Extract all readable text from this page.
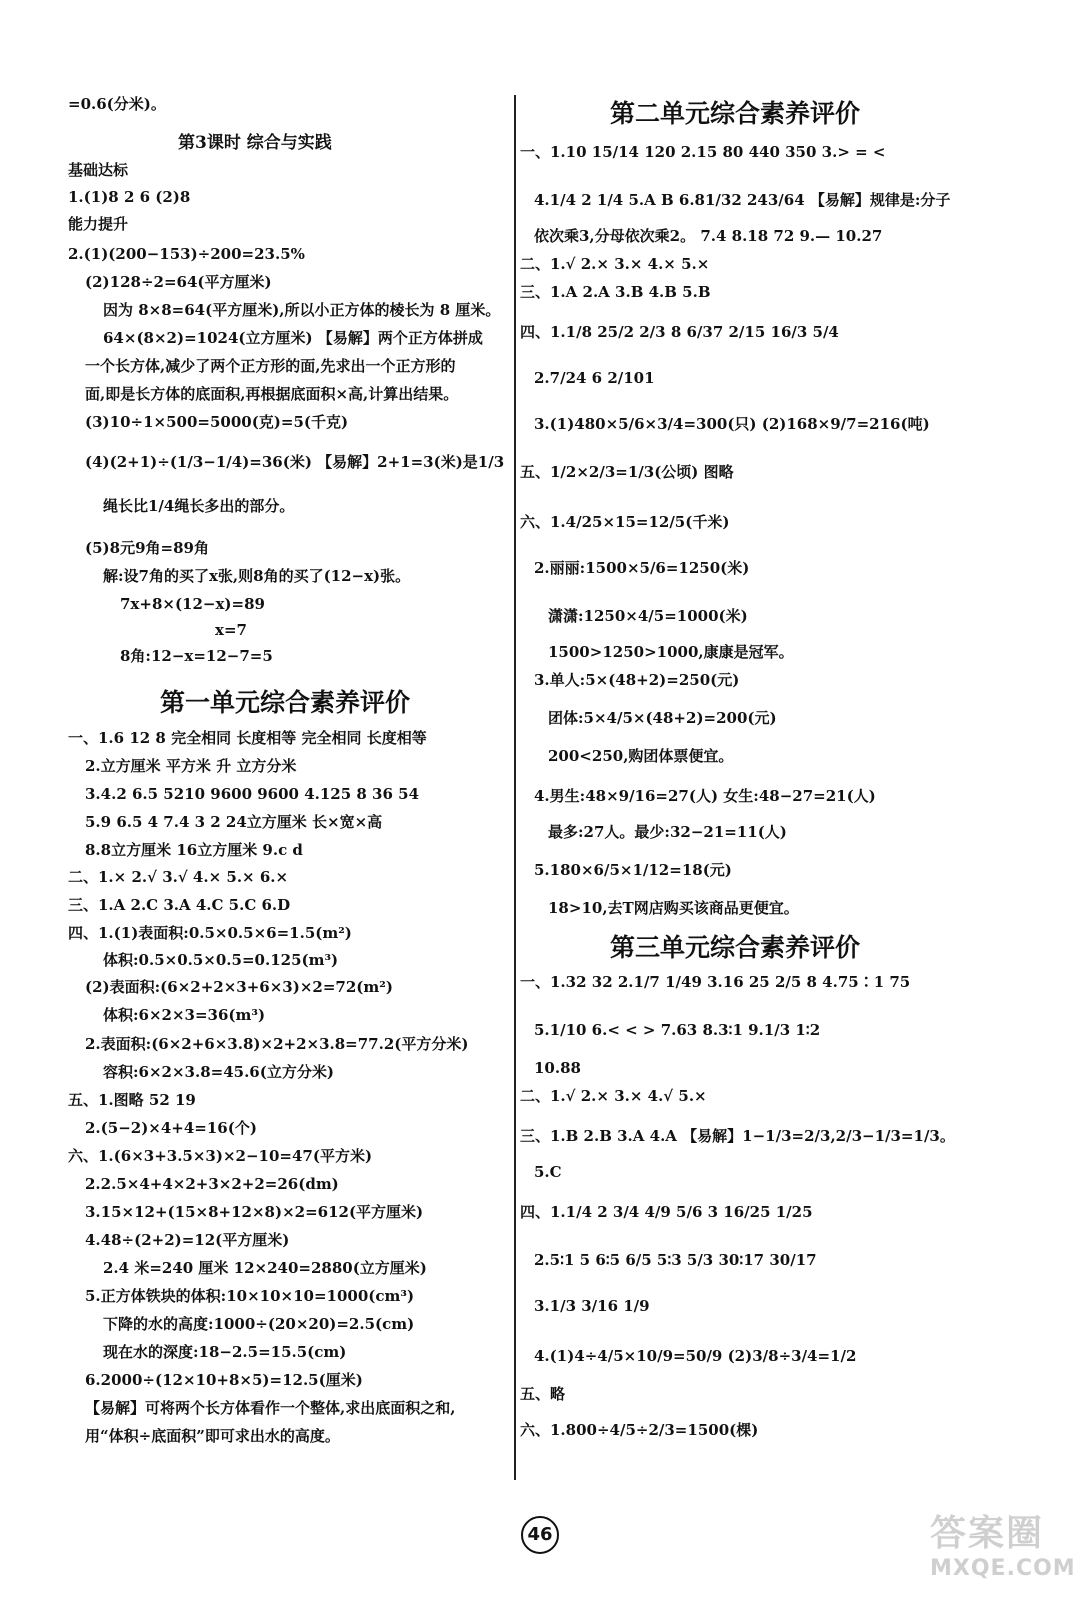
=0.6(分米)。
第3课时 综合与实践
基础达标
1.(1)8 2 6 (2)8
能力提升
2.(1)(200−153)÷200=23.5%
(2)128÷2=64(平方厘米)
因为 8×8=64(平方厘米),所以小正方体的棱长为 8 厘米。
64×(8×2)=1024(立方厘米) 【易解】两个正方体拼成
一个长方体,减少了两个正方形的面,先求出一个正方形的
面,即是长方体的底面积,再根据底面积×高,计算出结果。
(3)10÷1×500=5000(克)=5(千克)
(4)(2+1)÷(1/3−1/4)=36(米) 【易解】2+1=3(米)是1/3
绳长比1/4绳长多出的部分。
(5)8元9角=89角
解:设7角的买了x张,则8角的买了(12−x)张。
7x+8×(12−x)=89
x=7
8角:12−x=12−7=5
第一单元综合素养评价
一、1.6 12 8 完全相同 长度相等 完全相同 长度相等
2.立方厘米 平方米 升 立方分米
3.4.2 6.5 5210 9600 9600 4.125 8 36 54
5.9 6.5 4 7.4 3 2 24立方厘米 长×宽×高
8.8立方厘米 16立方厘米 9.c d
二、1.× 2.√ 3.√ 4.× 5.× 6.×
三、1.A 2.C 3.A 4.C 5.C 6.D
四、1.(1)表面积:0.5×0.5×6=1.5(m²)
体积:0.5×0.5×0.5=0.125(m³)
(2)表面积:(6×2+2×3+6×3)×2=72(m²)
体积:6×2×3=36(m³)
2.表面积:(6×2+6×3.8)×2+2×3.8=77.2(平方分米)
容积:6×2×3.8=45.6(立方分米)
五、1.图略 52 19
2.(5−2)×4+4=16(个)
六、1.(6×3+3.5×3)×2−10=47(平方米)
2.2.5×4+4×2+3×2+2=26(dm)
3.15×12+(15×8+12×8)×2=612(平方厘米)
4.48÷(2+2)=12(平方厘米)
2.4 米=240 厘米 12×240=2880(立方厘米)
5.正方体铁块的体积:10×10×10=1000(cm³)
下降的水的高度:1000÷(20×20)=2.5(cm)
现在水的深度:18−2.5=15.5(cm)
6.2000÷(12×10+8×5)=12.5(厘米)
【易解】可将两个长方体看作一个整体,求出底面积之和,
用“体积÷底面积”即可求出水的高度。
第二单元综合素养评价
一、1.10 15/14 120 2.15 80 440 350 3.> = <
4.1/4 2 1/4 5.A B 6.81/32 243/64 【易解】规律是:分子
依次乘3,分母依次乘2。 7.4 8.18 72 9.— 10.27
二、1.√ 2.× 3.× 4.× 5.×
三、1.A 2.A 3.B 4.B 5.B
四、1.1/8 25/2 2/3 8 6/37 2/15 16/3 5/4
2.7/24 6 2/101
3.(1)480×5/6×3/4=300(只) (2)168×9/7=216(吨)
五、1/2×2/3=1/3(公顷) 图略
六、1.4/25×15=12/5(千米)
2.丽丽:1500×5/6=1250(米)
潇潇:1250×4/5=1000(米)
1500>1250>1000,康康是冠军。
3.单人:5×(48+2)=250(元)
团体:5×4/5×(48+2)=200(元)
200<250,购团体票便宜。
4.男生:48×9/16=27(人) 女生:48−27=21(人)
最多:27人。最少:32−21=11(人)
5.180×6/5×1/12=18(元)
18>10,去T网店购买该商品更便宜。
第三单元综合素养评价
一、1.32 32 2.1/7 1/49 3.16 25 2/5 8 4.75∶1 75
5.1/10 6.< < > 7.63 8.3∶1 9.1/3 1∶2
10.88
二、1.√ 2.× 3.× 4.√ 5.×
三、1.B 2.B 3.A 4.A 【易解】1−1/3=2/3,2/3−1/3=1/3。
5.C
四、1.1/4 2 3/4 4/9 5/6 3 16/25 1/25
2.5∶1 5 6∶5 6/5 5∶3 5/3 30∶17 30/17
3.1/3 3/16 1/9
4.(1)4÷4/5×10/9=50/9 (2)3/8÷3/4=1/2
五、略
六、1.800÷4/5÷2/3=1500(棵)
46	答案圈
MXQE.COM
